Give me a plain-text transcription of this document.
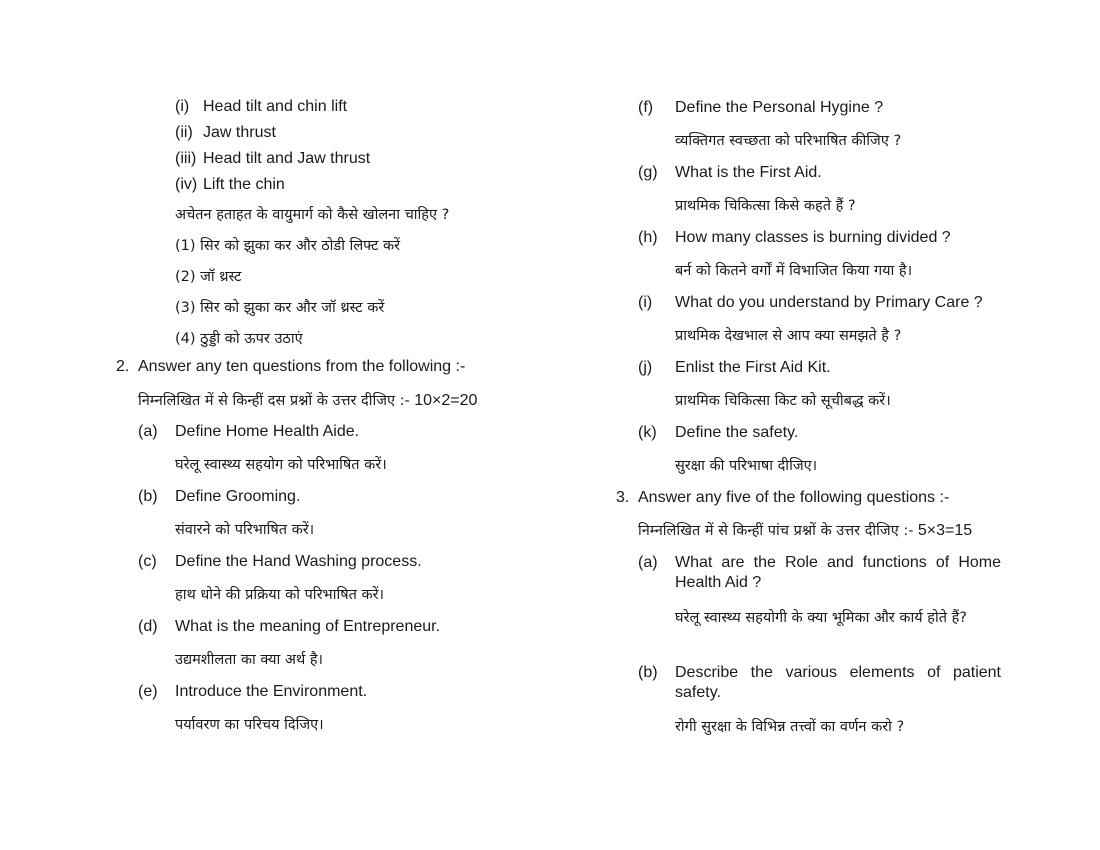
(i) Head tilt and chin lift
(ii) Jaw thrust
(iii) Head tilt and Jaw thrust
(iv) Lift the chin
अचेतन हताहत के वायुमार्ग को कैसे खोलना चाहिए ?
(1) सिर को झुका कर और ठोडी लिफ्ट करें
(2) जॉ थ्रस्ट
(3) सिर को झुका कर और जॉ थ्रस्ट करें
(4) ठुड्डी को ऊपर उठाएं
2. Answer any ten questions from the following :-
निम्नलिखित में से किन्हीं दस प्रश्नों के उत्तर दीजिए :- 10×2=20
(a) Define Home Health Aide.
घरेलू स्वास्थ्य सहयोग को परिभाषित करें।
(b) Define Grooming.
संवारने को परिभाषित करें।
(c) Define the Hand Washing process.
हाथ धोने की प्रक्रिया को परिभाषित करें।
(d) What is the meaning of Entrepreneur.
उद्यमशीलता का क्या अर्थ है।
(e) Introduce the Environment.
पर्यावरण का परिचय दिजिए।
(f) Define the Personal Hygine ?
व्यक्तिगत स्वच्छता को परिभाषित कीजिए ?
(g) What is the First Aid.
प्राथमिक चिकित्सा किसे कहते हैं ?
(h) How many classes is burning divided ?
बर्न को कितने वर्गों में विभाजित किया गया है।
(i) What do you understand by Primary Care ?
प्राथमिक देखभाल से आप क्या समझते है ?
(j) Enlist the First Aid Kit.
प्राथमिक चिकित्सा किट को सूचीबद्ध करें।
(k) Define the safety.
सुरक्षा की परिभाषा दीजिए।
3. Answer any five of the following questions :-
निम्नलिखित में से किन्हीं पांच प्रश्नों के उत्तर दीजिए :- 5×3=15
(a) What are the Role and functions of Home Health Aid ?
घरेलू स्वास्थ्य सहयोगी के क्या भूमिका और कार्य होते हैं?
(b) Describe the various elements of patient safety.
रोगी सुरक्षा के विभिन्न तत्त्वों का वर्णन करो ?
